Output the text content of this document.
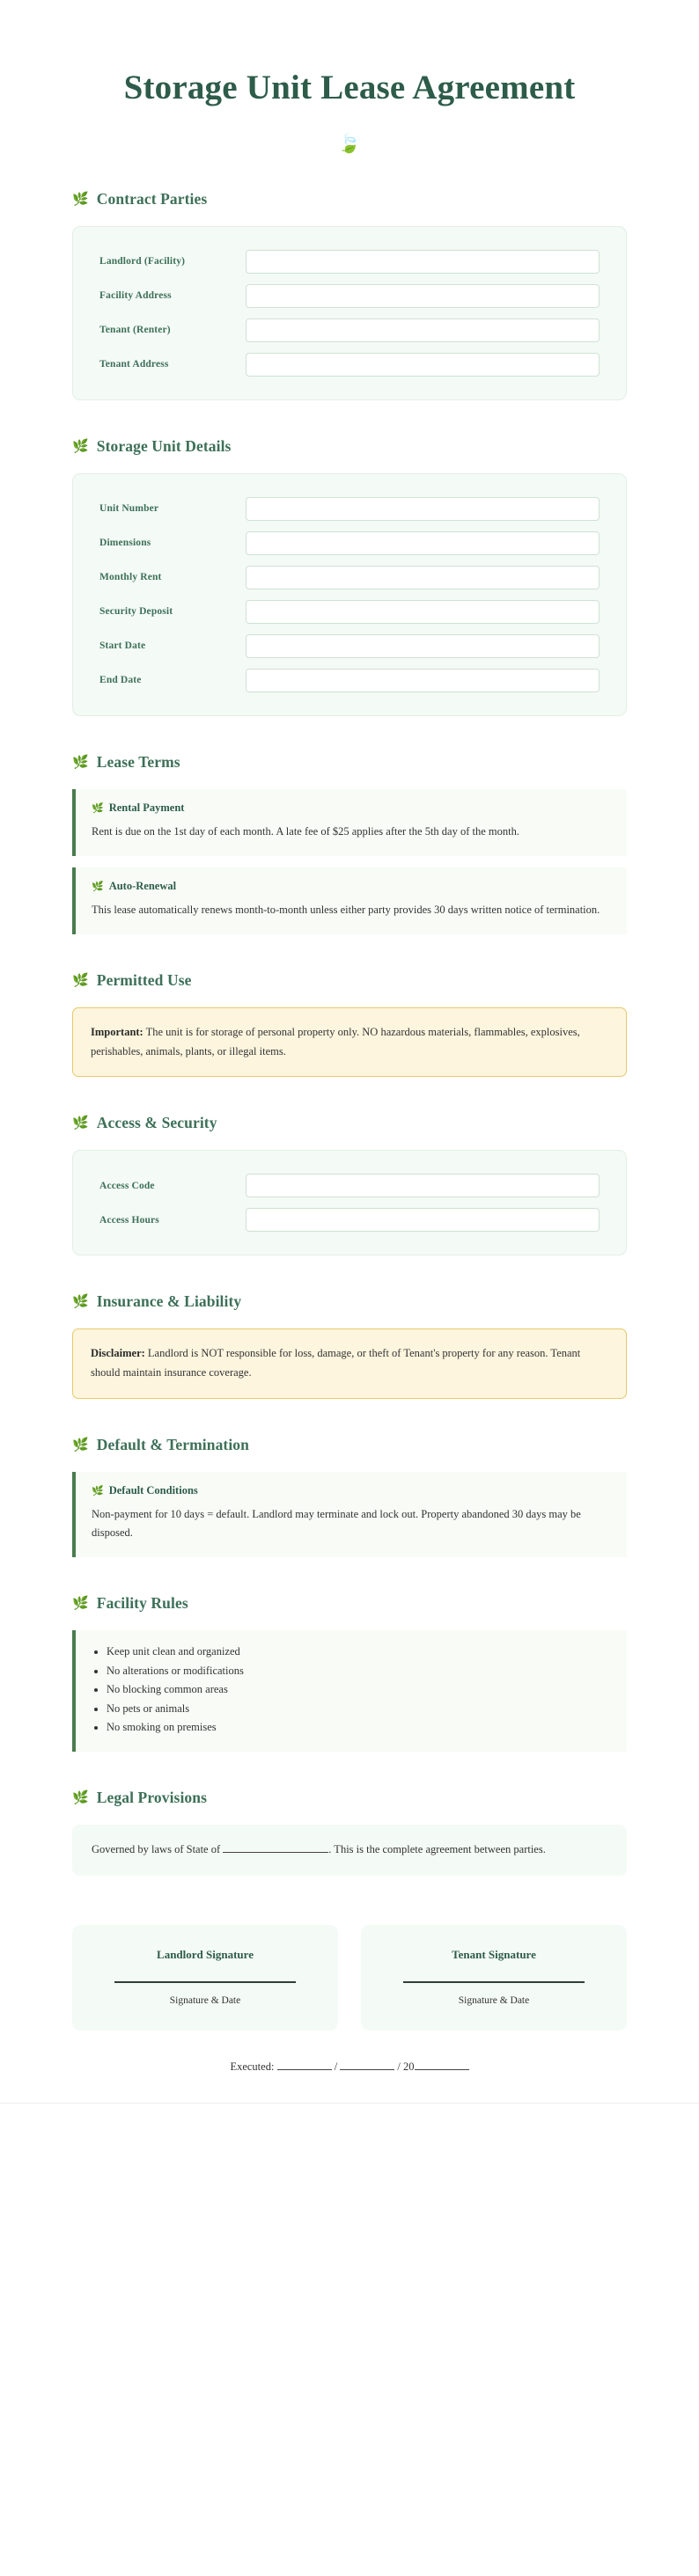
Storage Unit Lease Agreement
🍃
🌿 Contract Parties
Landlord (Facility)
Facility Address
Tenant (Renter)
Tenant Address
🌿 Storage Unit Details
Unit Number
Dimensions
Monthly Rent
Security Deposit
Start Date
End Date
🌿 Lease Terms
🌿 Rental Payment

Rent is due on the 1st day of each month. A late fee of $25 applies after the 5th day of the month.

🌿 Auto-Renewal

This lease automatically renews month-to-month unless either party provides 30 days written notice of termination.

🌿 Permitted Use
Important: The unit is for storage of personal property only. NO hazardous materials, flammables, explosives, perishables, animals, plants, or illegal items.
🌿 Access & Security
Access Code
Access Hours
🌿 Insurance & Liability
Disclaimer: Landlord is NOT responsible for loss, damage, or theft of Tenant's property for any reason. Tenant should maintain insurance coverage.
🌿 Default & Termination
🌿 Default Conditions

Non-payment for 10 days = default. Landlord may terminate and lock out. Property abandoned 30 days may be disposed.

🌿 Facility Rules
• Keep unit clean and organized
• No alterations or modifications
• No blocking common areas
• No pets or animals
• No smoking on premises
🌿 Legal Provisions
Governed by laws of State of	. This is the complete agreement between parties.
Landlord Signature
Signature & Date
Tenant Signature
Signature & Date
Executed:	/	/ 20
